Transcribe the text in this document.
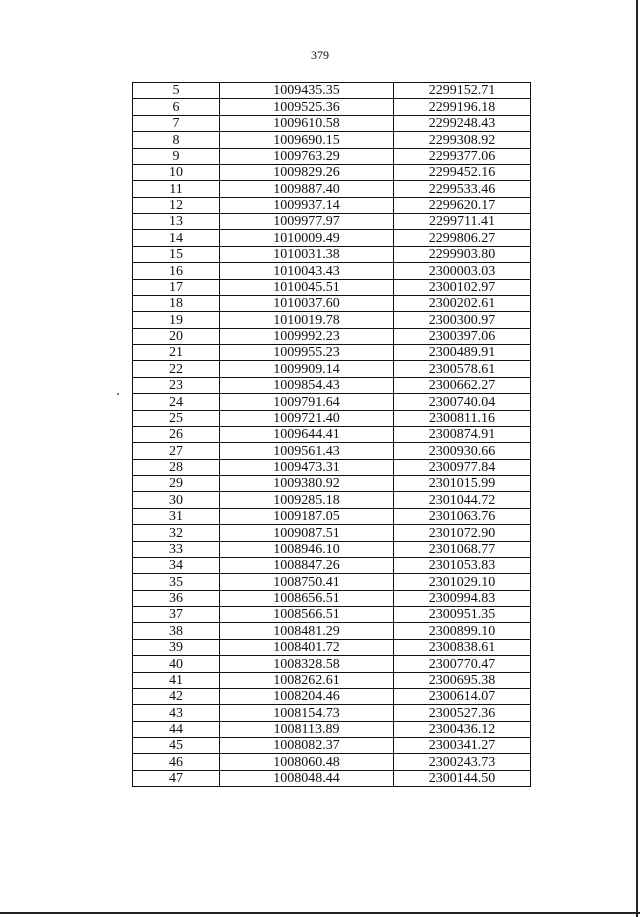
379
5	1009435.35	2299152.71
6	1009525.36	2299196.18
7	1009610.58	2299248.43
8	1009690.15	2299308.92
9	1009763.29	2299377.06
10	1009829.26	2299452.16
11	1009887.40	2299533.46
12	1009937.14	2299620.17
13	1009977.97	2299711.41
14	1010009.49	2299806.27
15	1010031.38	2299903.80
16	1010043.43	2300003.03
17	1010045.51	2300102.97
18	1010037.60	2300202.61
19	1010019.78	2300300.97
20	1009992.23	2300397.06
21	1009955.23	2300489.91
22	1009909.14	2300578.61
23	1009854.43	2300662.27
24	1009791.64	2300740.04
25	1009721.40	2300811.16
26	1009644.41	2300874.91
27	1009561.43	2300930.66
28	1009473.31	2300977.84
29	1009380.92	2301015.99
30	1009285.18	2301044.72
31	1009187.05	2301063.76
32	1009087.51	2301072.90
33	1008946.10	2301068.77
34	1008847.26	2301053.83
35	1008750.41	2301029.10
36	1008656.51	2300994.83
37	1008566.51	2300951.35
38	1008481.29	2300899.10
39	1008401.72	2300838.61
40	1008328.58	2300770.47
41	1008262.61	2300695.38
42	1008204.46	2300614.07
43	1008154.73	2300527.36
44	1008113.89	2300436.12
45	1008082.37	2300341.27
46	1008060.48	2300243.73
47	1008048.44	2300144.50
